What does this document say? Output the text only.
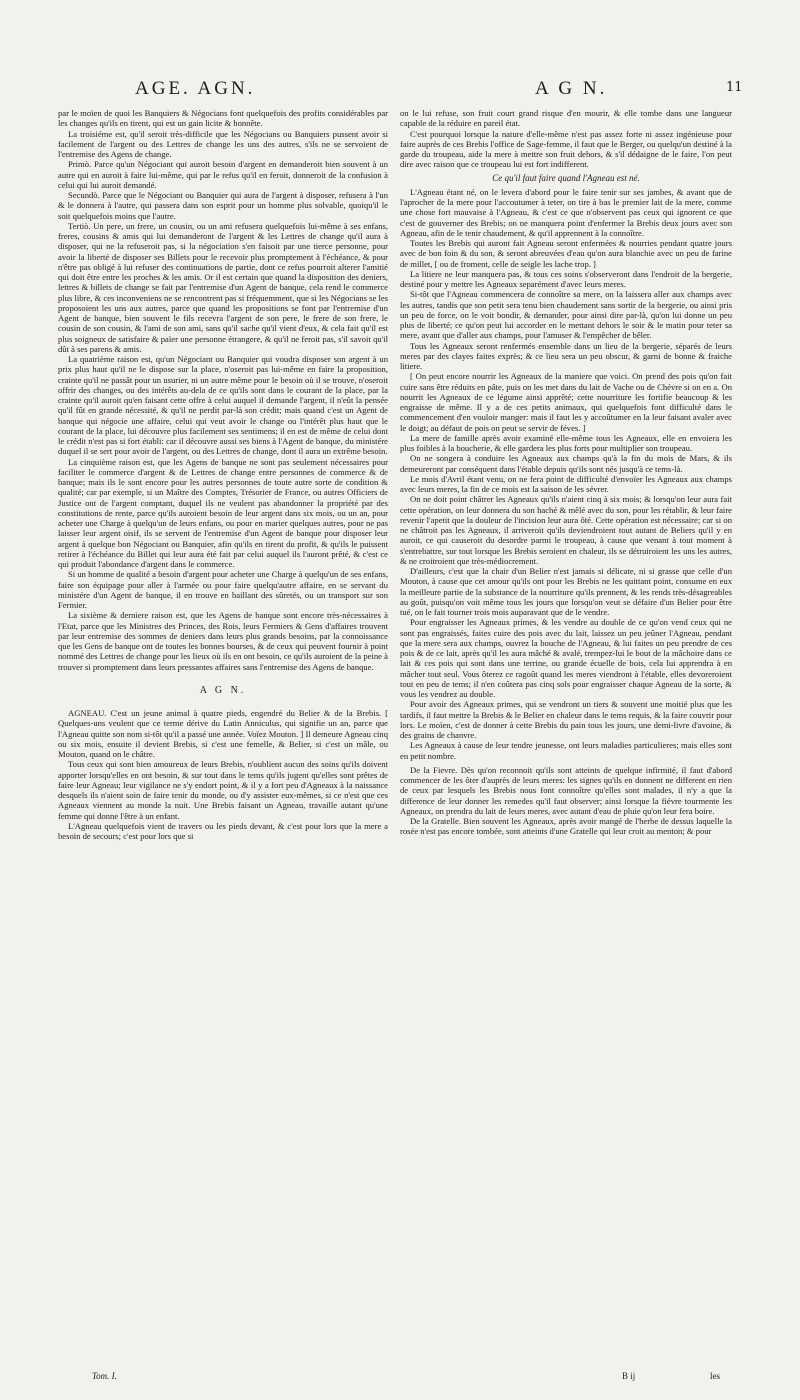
AGE. AGN.	A G N.	11

par le moïen de quoi les Banquiers & Négocians font quelquefois des profits considérables par les changes qu'ils en tirent, qui est un gain licite & honnête.

La troisiéme est, qu'il seroit très-difficile que les Négocians ou Banquiers pussent avoir si facilement de l'argent ou des Lettres de change les uns des autres, s'ils ne se servoient de l'entremise des Agens de change.

Primò. Parce qu'un Négociant qui auroit besoin d'argent en demanderoit bien souvent à un autre qui en auroit à faire lui-même, qui par le refus qu'il en feroit, donneroit de la confusion à celui qui lui auroit demandé.

Secundò. Parce que le Négociant ou Banquier qui aura de l'argent à disposer, refusera à l'un & le donnera à l'autre, qui passera dans son esprit pour un homme plus solvable, quoiqu'il le soit quelquefois moins que l'autre.

Tertiò. Un pere, un frere, un cousin, ou un ami refusera quelquefois lui-même à ses enfans, freres, cousins & amis qui lui demanderont de l'argent & les Lettres de change qu'il aura à disposer, qui ne la refuseroit pas, si la négociation s'en faisoit par une tierce personne, pour avoir la liberté de disposer ses Billets pour le recevoir plus promptement à l'échéance, & pour n'être pas obligé à lui refuser des continuations de partie, dont ce refus pourroit alterer l'amitié qui doit être entre les proches & les amis. Or il est certain que quand la disposition des deniers, lettres & billets de change se fait par l'entremise d'un Agent de banque, cela rend le commerce plus libre, & ces inconveniens ne se rencontrent pas si fréquemment, que si les Négocians se les proposoient les uns aux autres, parce que quand les propositions se font par l'entremise d'un Agent de banque, bien souvent le fils recevra l'argent de son pere, le frere de son frere, le cousin de son cousin, & l'ami de son ami, sans qu'il sache qu'il vient d'eux, & cela fait qu'il est plus soigneux de satisfaire & païer une personne étrangere, & qu'il ne feroit pas, s'il savoit qu'il dût à ses parens & amis.

La quatrième raison est, qu'un Négociant ou Banquier qui voudra disposer son argent à un prix plus haut qu'il ne le dispose sur la place, n'oseroit pas lui-même en faire la proposition, crainte qu'il ne passât pour un usurier, ni un autre même pour le besoin où il se trouve, n'oseroit offrir des changes, ou des intérêts au-dela de ce qu'ils sont dans le courant de la place, par la crainte qu'il auroit qu'en faisant cette offre à celui auquel il demande l'argent, il n'eût la pensée qu'il fût en grande nécessité, & qu'il ne perdit par-là son crédit; mais quand c'est un Agent de banque qui négocie une affaire, celui qui veut avoir le change ou l'intérêt plus haut que le courant de la place, lui découvre plus facilement ses sentimens; il en est de même de celui dont le crédit n'est pas si fort établi: car il découvre aussi ses biens à l'Agent de banque, du ministére duquel il se sert pour avoir de l'argent, ou des Lettres de change, dont il aura un extrême besoin.

La cinquième raison est, que les Agens de banque ne sont pas seulement nécessaires pour faciliter le commerce d'argent & de Lettres de change entre personnes de commerce & de banque; mais ils le sont encore pour les autres personnes de toute autre sorte de condition & qualité; car par exemple, si un Maître des Comptes, Trésorier de France, ou autres Officiers de Justice ont de l'argent comptant, duquel ils ne veulent pas abandonner la propriété par des constitutions de rente, parce qu'ils auroient besoin de leur argent dans six mois, ou un an, pour acheter une Charge à quelqu'un de leurs enfans, ou pour en marier quelques autres, pour ne pas laisser leur argent oisif, ils se servent de l'entremise d'un Agent de banque pour disposer leur argent à quelque bon Négociant ou Banquier, afin qu'ils en tirent du profit, & qu'ils le puissent retirer à l'échéance du Billet qui leur aura été fait par celui auquel ils l'auront prêté, & c'est ce qui produit l'abondance d'argent dans le commerce.

Si un homme de qualité a besoin d'argent pour acheter une Charge à quelqu'un de ses enfans, faire son équipage pour aller à l'armée ou pour faire quelqu'autre affaire, en se servant du ministére d'un Agent de banque, il en trouve en baillant des sûretés, ou un transport sur son Fermier.

La sixième & derniere raison est, que les Agens de banque sont encore très-nécessaires à l'Etat, parce que les Ministres des Princes, des Rois, leurs Fermiers & Gens d'affaires trouvent par leur entremise des sommes de deniers dans leurs plus grands besoins, par la connoissance que les Gens de banque ont de toutes les bonnes bourses, & de ceux qui peuvent fournir à point nommé des Lettres de change pour les lieux où ils en ont besoin, ce qu'ils auroient de la peine à trouver si promptement dans leurs pressantes affaires sans l'entremise des Agens de banque.

A G N.

AGNEAU. C'est un jeune animal à quatre pieds, engendré du Belier & de la Brebis. [ Quelques-uns veulent que ce terme dérive du Latin Anniculus, qui signifie un an, parce que l'Agneau quitte son nom si-tôt qu'il a passé une année. Voïez Mouton. ] Il demeure Agneau cinq ou six mois, ensuite il devient Brebis, si c'est une femelle, & Belier, si c'est un mâle, ou Mouton, quand on le châtre.

Tous ceux qui sont bien amoureux de leurs Brebis, n'oublient aucun des soins qu'ils doivent apporter lorsqu'elles en ont besoin, & sur tout dans le tems qu'ils jugent qu'elles sont prêtes de faire leur Agneau; leur vigilance ne s'y endort point, & il y a fort peu d'Agneaux à la naissance desquels ils n'aient soin de faire tenir du monde, ou d'y assister eux-mêmes, si ce n'est que ces Agneaux viennent au monde la nuit. Une Brebis faisant un Agneau, travaille autant qu'une femme qui donne l'être à un enfant.

L'Agneau quelquefois vient de travers ou les pieds devant, & c'est pour lors que la mere a besoin de secours; c'est pour lors que si

on le lui refuse, son fruit court grand risque d'en mourir, & elle tombe dans une langueur capable de la réduire en pareil état.

C'est pourquoi lorsque la nature d'elle-même n'est pas assez forte ni assez ingénieuse pour faire auprès de ces Brebis l'office de Sage-femme, il faut que le Berger, ou quelqu'un destiné à la garde du troupeau, aide la mere à mettre son fruit dehors, & s'il dédaigne de le faire, l'on peut dire avec raison que ce troupeau lui est fort indifferent.

Ce qu'il faut faire quand l'Agneau est né.

L'Agneau étant né, on le levera d'abord pour le faire tenir sur ses jambes, & avant que de l'aprocher de la mere pour l'accoutumer à teter, on tire à bas le premier lait de la mere, comme une chose fort mauvaise à l'Agneau, & c'est ce que n'observent pas ceux qui ignorent ce que c'est de gouverner des Brebis; on ne manquera point d'enfermer la Brebis deux jours avec son Agneau, afin de le tenir chaudement, & qu'il apprennent à la connoître.

Toutes les Brebis qui auront fait Agneau seront enfermées & nourries pendant quatre jours avec de bon foin & du son, & seront abreuvées d'eau qu'on aura blanchie avec un peu de farine de millet, [ ou de froment, celle de seigle les lache trop. ]

La litiere ne leur manquera pas, & tous ces soins s'observeront dans l'endroit de la bergerie, destiné pour y mettre les Agneaux separément d'avec leurs meres.

Si-tôt que l'Agneau commencera de connoître sa mere, on la laissera aller aux champs avec les autres, tandis que son petit sera tenu bien chaudement sans sortir de la bergerie, ou ainsi pris un peu de force, on le voit bondir, & demander, pour ainsi dire par-là, qu'on lui donne un peu plus de liberté; ce qu'on peut lui accorder en le mettant dehors le soir & le matin pour teter sa mere, avant que d'aller aux champs, pour l'amuser & l'empêcher de bêler.

Tous les Agneaux seront renfermés ensemble dans un lieu de la bergerie, séparés de leurs meres par des clayes faites exprès; & ce lieu sera un peu obscur, & garni de bonne & fraiche litiere.

[ On peut encore nourrir les Agneaux de la maniere que voici. On prend des pois qu'on fait cuire sans être réduits en pâte, puis on les met dans du lait de Vache ou de Chévre si on en a. On nourrit les Agneaux de ce légume ainsi apprêté; cette nourriture les fortifie beaucoup & les engraisse de même. Il y a de ces petits animaux, qui quelquefois font difficulté dans le commencement d'en vouloir manger: mais il faut les y accoûtumer en la leur faisant avaler avec le doigt; au défaut de pois on peut se servir de féves. ]

La mere de famille après avoir examiné elle-même tous les Agneaux, elle en envoiera les plus foibles à la boucherie, & elle gardera les plus forts pour multiplier son troupeau.

On ne songera à conduire les Agneaux aux champs qu'à la fin du mois de Mars, & ils demeureront par conséquent dans l'étable depuis qu'ils sont nés jusqu'à ce tems-là.

Le mois d'Avril étant venu, on ne fera point de difficulté d'envoïer les Agneaux aux champs avec leurs meres, la fin de ce mois est la saison de les sévrer.

On ne doit point châtrer les Agneaux qu'ils n'aient cinq à six mois; & lorsqu'on leur aura fait cette opération, on leur donnera du son haché & mêlé avec du son, pour les rétablir, & leur faire revenir l'apetit que la douleur de l'incision leur aura ôté. Cette opération est nécessaire; car si on ne châtroit pas les Agneaux, il arriveroit qu'ils deviendroient tout autant de Beliers qu'il y en auroit, ce qui causeroit du desordre parmi le troupeau, à cause que venant à tout moment à s'entrebattre, sur tout lorsque les Brebis seroient en chaleur, ils se détruiroient les uns les autres, & ne croitroient que très-médiocrement.

D'ailleurs, c'est que la chair d'un Belier n'est jamais si délicate, ni si grasse que celle d'un Mouton, à cause que cet amour qu'ils ont pour les Brebis ne les quittant point, consume en eux la meilleure partie de la substance de la nourriture qu'ils prennent, & les rends très-désagreables au goût, puisqu'on voit même tous les jours que lorsqu'on veut se défaire d'un Belier pour être tué, on le fait tourner trois mois auparavant que de le vendre.

Pour engraisser les Agneaux primes, & les vendre au double de ce qu'on vend ceux qui ne sont pas engraissés, faites cuire des pois avec du lait, laissez un peu jeûner l'Agneau, pendant que la mere sera aux champs, ouvrez la bouche de l'Agneau, & lui faites un peu prendre de ces pois & de ce lait, après qu'il les aura mâché & avalé, trempez-lui le bout de la mâchoire dans ce lait & ces pois qui sont dans une terrine, ou grande écuelle de bois, cela lui apprendra à en mâcher tout seul. Vous ôterez ce ragoût quand les meres viendront à l'étable, elles devoreroient tout en peu de tems; il n'en coûtera pas cinq sols pour engraisser chaque Agneau de la sorte, & vous les vendrez au double.

Pour avoir des Agneaux primes, qui se vendront un tiers & souvent une moitié plus que les tardifs, il faut mettre la Brebis & le Belier en chaleur dans le tems requis, & la faire couvrir pour lors. Le moïen, c'est de donner à cette Brebis du pain tous les jours, une demi-livre d'avoine, & des grains de chanvre.

Les Agneaux à cause de leur tendre jeunesse, ont leurs maladies particulieres; mais elles sont en petit nombre.

De la Fievre. Dès qu'on reconnoit qu'ils sont atteints de quelque infirmité, il faut d'abord commencer de les ôter d'auprès de leurs meres: les signes qu'ils en donnent ne different en rien de ceux par lesquels les Brebis nous font connoître qu'elles sont malades, il n'y a que la difference de leur donner les remedes qu'il faut observer; ainsi lorsque la fiévre tourmente les Agneaux, on prendra du lait de leurs meres, avec autant d'eau de pluie qu'on leur fera boire.

De la Gratelle. Bien souvent les Agneaux, après avoir mangé de l'herbe de dessus laquelle la rosée n'est pas encore tombée, sont atteints d'une Gratelle qui leur croit au menton; & pour

Tom. I.	B ij	les
